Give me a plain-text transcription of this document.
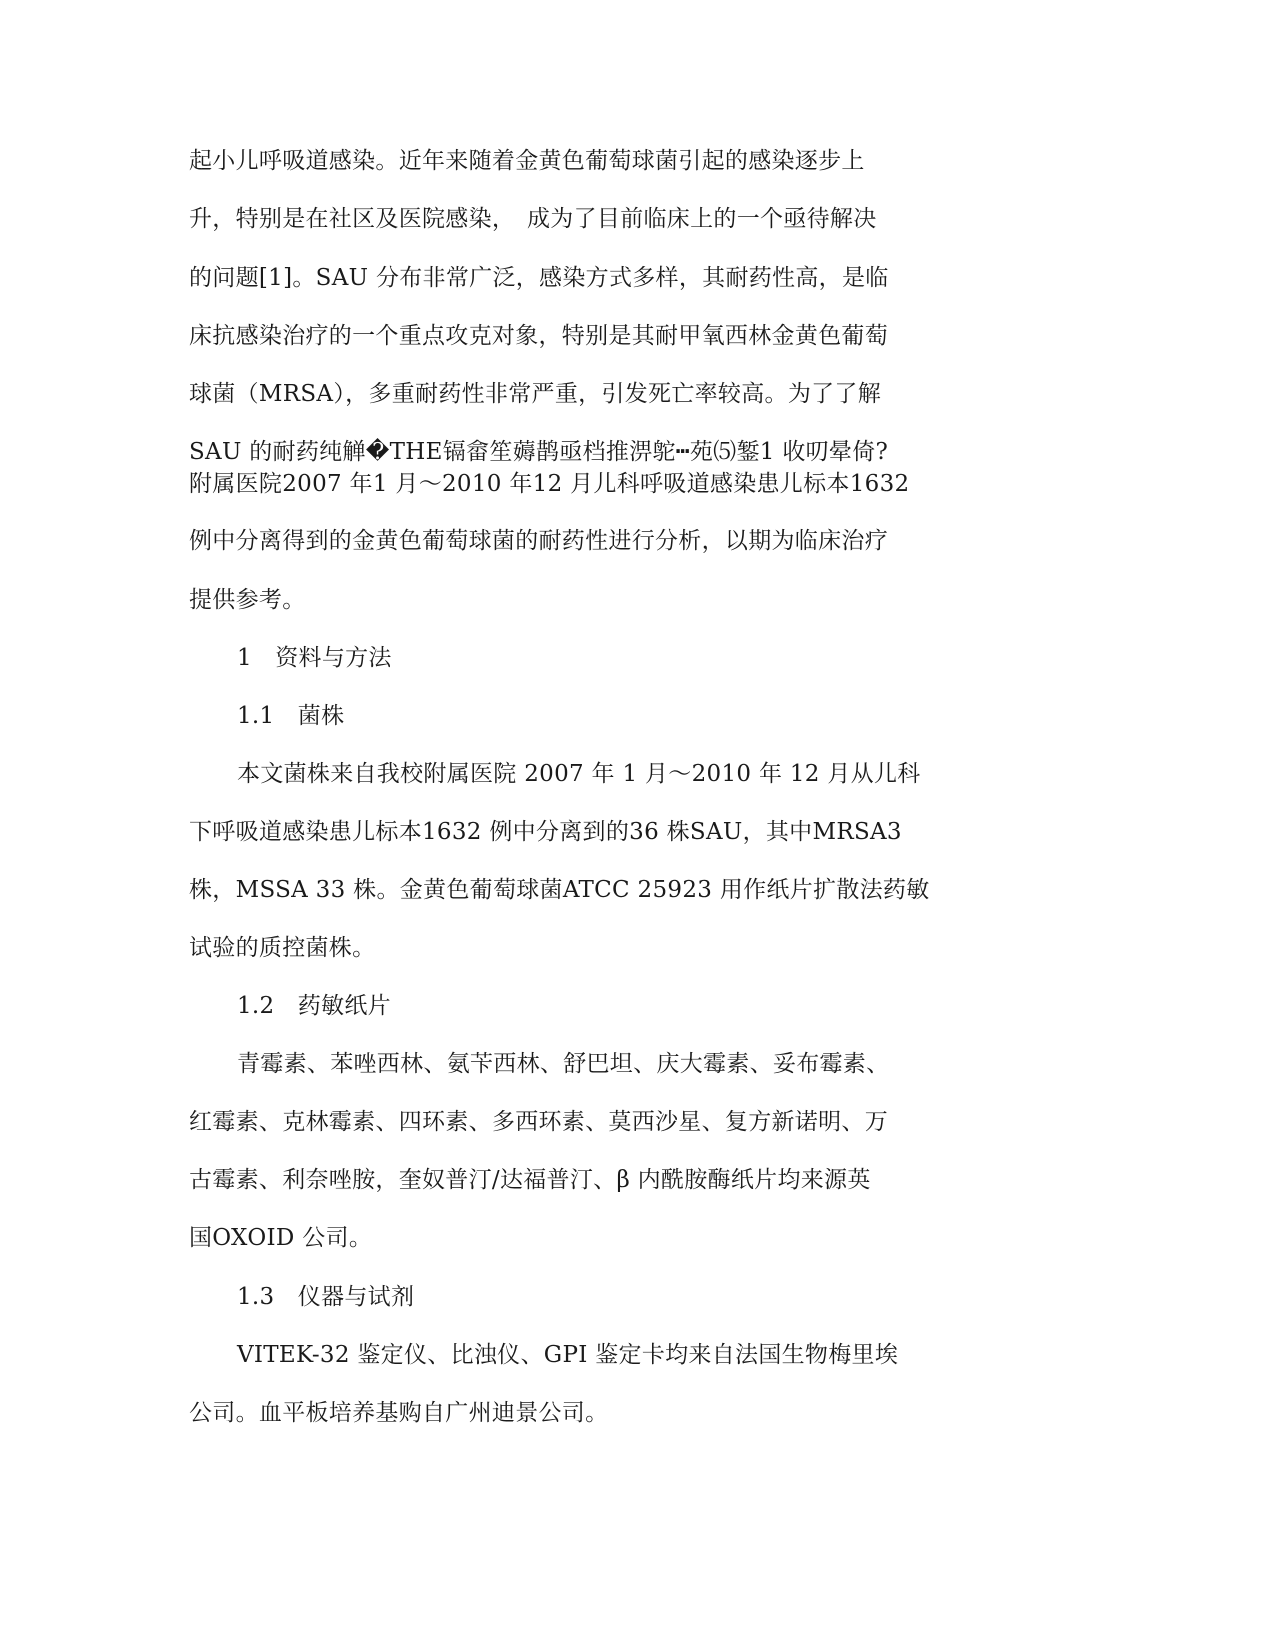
起小儿呼吸道感染。近年来随着金黄色葡萄球菌引起的感染逐步上
升，特别是在社区及医院感染，　成为了目前临床上的一个亟待解决
的问题[1]。SAU 分布非常广泛，感染方式多样，其耐药性高，是临
床抗感染治疗的一个重点攻克对象，特别是其耐甲氧西林金黄色葡萄
球菌（MRSA），多重耐药性非常严重，引发死亡率较高。为了了解
SAU 的耐药纯觯�THE镉畲笙薅鹊亟档推淠鸵┅苑⑸錾1 收叨晕倚?
附属医院2007 年1 月～2010 年12 月儿科呼吸道感染患儿标本1632
例中分离得到的金黄色葡萄球菌的耐药性进行分析，以期为临床治疗
提供参考。
1　资料与方法
1.1　菌株
本文菌株来自我校附属医院 2007 年 1 月～2010 年 12 月从儿科
下呼吸道感染患儿标本1632 例中分离到的36 株SAU，其中MRSA3
株，MSSA 33 株。金黄色葡萄球菌ATCC 25923 用作纸片扩散法药敏
试验的质控菌株。
1.2　药敏纸片
青霉素、苯唑西林、氨苄西林、舒巴坦、庆大霉素、妥布霉素、
红霉素、克林霉素、四环素、多西环素、莫西沙星、复方新诺明、万
古霉素、利奈唑胺，奎奴普汀/达福普汀、β 内酰胺酶纸片均来源英
国OXOID 公司。
1.3　仪器与试剂
VITEK-32 鉴定仪、比浊仪、GPI 鉴定卡均来自法国生物梅里埃
公司。血平板培养基购自广州迪景公司。
